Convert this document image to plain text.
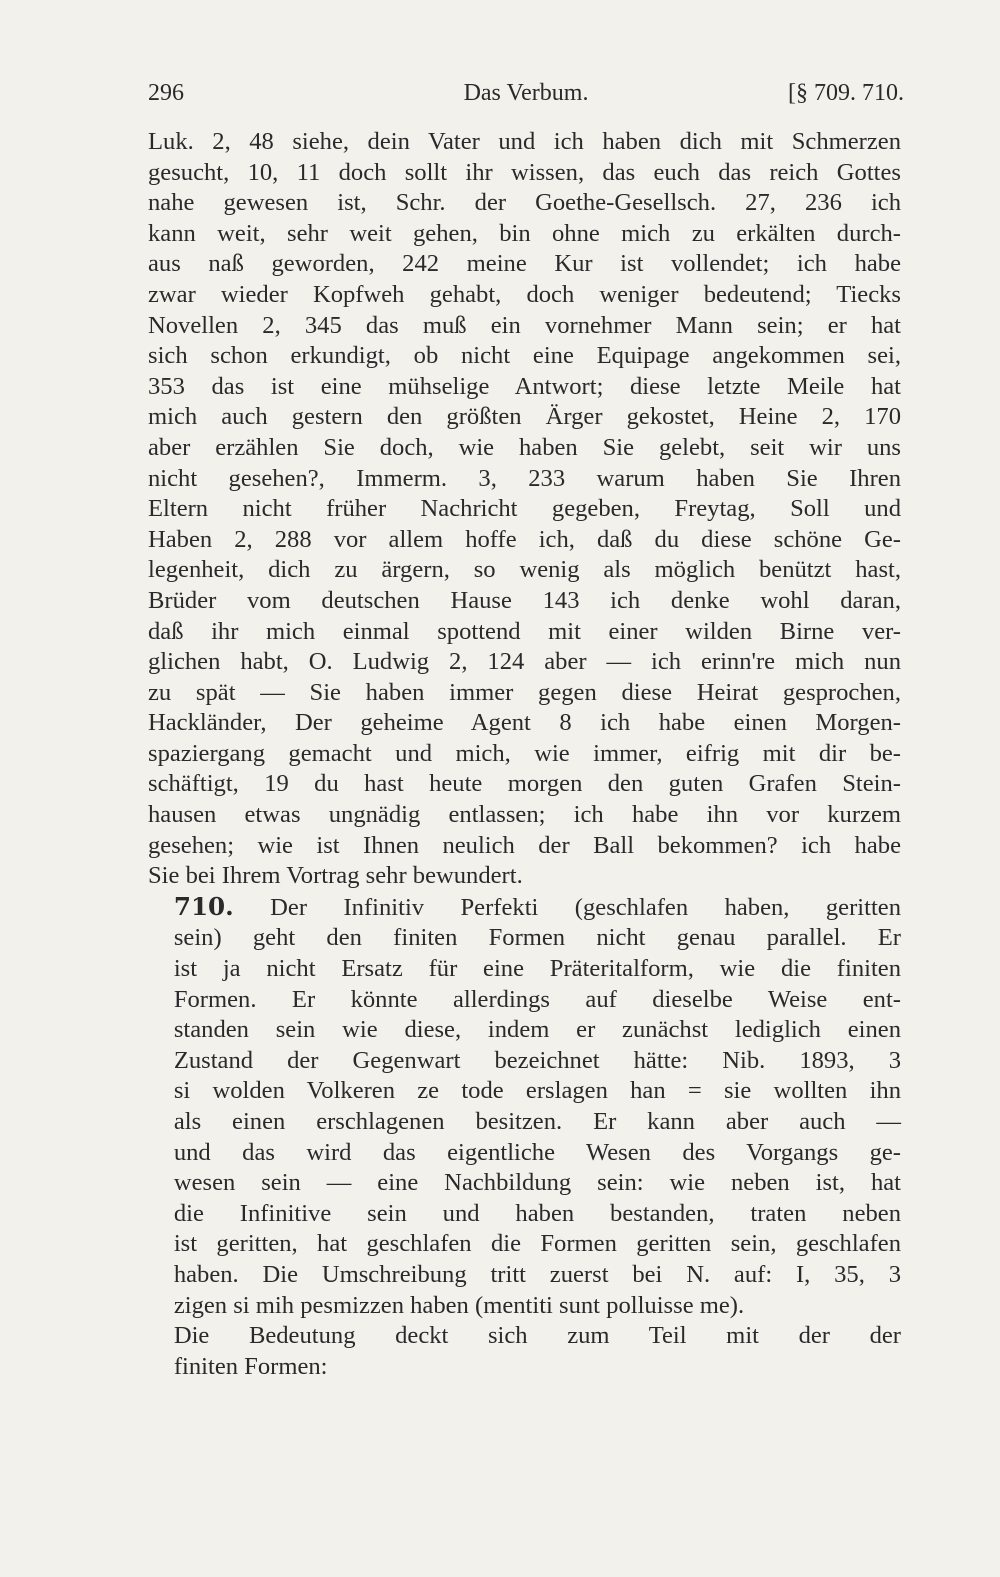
296	Das Verbum.	[§ 709. 710.

Luk. 2, 48 siehe, dein Vater und ich haben dich mit Schmerzen
gesucht, 10, 11 doch sollt ihr wissen, das euch das reich Gottes
nahe gewesen ist, Schr. der Goethe-Gesellsch. 27, 236 ich
kann weit, sehr weit gehen, bin ohne mich zu erkälten durch-
aus naß geworden, 242 meine Kur ist vollendet; ich habe
zwar wieder Kopfweh gehabt, doch weniger bedeutend; Tiecks
Novellen 2, 345 das muß ein vornehmer Mann sein; er hat
sich schon erkundigt, ob nicht eine Equipage angekommen sei,
353 das ist eine mühselige Antwort; diese letzte Meile hat
mich auch gestern den größten Ärger gekostet, Heine 2, 170
aber erzählen Sie doch, wie haben Sie gelebt, seit wir uns
nicht gesehen?, Immerm. 3, 233 warum haben Sie Ihren
Eltern nicht früher Nachricht gegeben, Freytag, Soll und
Haben 2, 288 vor allem hoffe ich, daß du diese schöne Ge-
legenheit, dich zu ärgern, so wenig als möglich benützt hast,
Brüder vom deutschen Hause 143 ich denke wohl daran,
daß ihr mich einmal spottend mit einer wilden Birne ver-
glichen habt, O. Ludwig 2, 124 aber — ich erinn're mich nun
zu spät — Sie haben immer gegen diese Heirat gesprochen,
Hackländer, Der geheime Agent 8 ich habe einen Morgen-
spaziergang gemacht und mich, wie immer, eifrig mit dir be-
schäftigt, 19 du hast heute morgen den guten Grafen Stein-
hausen etwas ungnädig entlassen; ich habe ihn vor kurzem
gesehen; wie ist Ihnen neulich der Ball bekommen? ich habe
Sie bei Ihrem Vortrag sehr bewundert.

710. Der Infinitiv Perfekti (geschlafen haben, geritten
sein) geht den finiten Formen nicht genau parallel. Er
ist ja nicht Ersatz für eine Präteritalform, wie die finiten
Formen. Er könnte allerdings auf dieselbe Weise ent-
standen sein wie diese, indem er zunächst lediglich einen
Zustand der Gegenwart bezeichnet hätte: Nib. 1893, 3
si wolden Volkeren ze tode erslagen han = sie wollten ihn
als einen erschlagenen besitzen. Er kann aber auch —
und das wird das eigentliche Wesen des Vorgangs ge-
wesen sein — eine Nachbildung sein: wie neben ist, hat
die Infinitive sein und haben bestanden, traten neben
ist geritten, hat geschlafen die Formen geritten sein, geschlafen
haben. Die Umschreibung tritt zuerst bei N. auf: I, 35, 3
zigen si mih pesmizzen haben (mentiti sunt polluisse me).

Die Bedeutung deckt sich zum Teil mit der der
finiten Formen:
